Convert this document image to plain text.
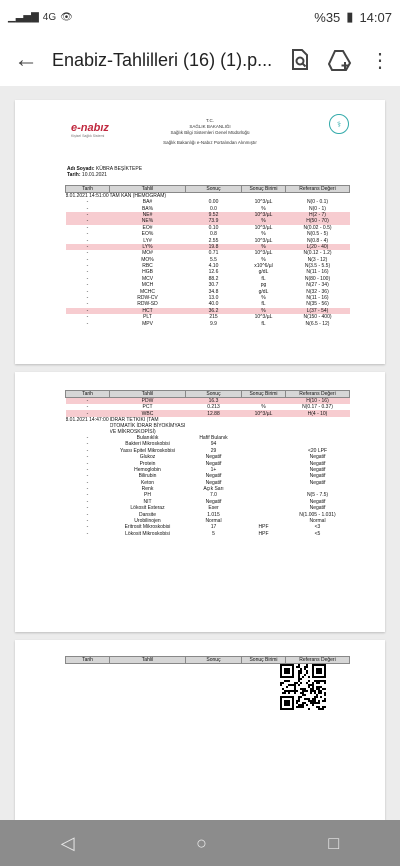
▁▃▅▇ 4G 👁	%35 ▮ 14:07
← Enabiz-Tahlilleri (16) (1).p...	⋮
e-nabız
Kişisel Sağlık Sistemi
T.C.
SAĞLIK BAKANLIĞI
Sağlık Bilgi Sistemleri Genel Müdürlüğü
Sağlık Bakanlığı e-Nabız Portalından Alınmıştır
⚕
Adı Soyadı: KÜBRA BEŞİKTEPE
Tarih: 10.01.2021
Tarih	Tahlil	Sonuç	Sonuç Birimi	Referans Değeri
8.01.2021 14:51:00	TAM KAN (HEMOGRAM)			
-	BA#	0.00	10^3/µL	N(0 - 0.1)
-	BA%	0.0	%	N(0 - 1)
-	NE#	9.52	10^3/µL	H(2 - 7)
-	NE%	73.9	%	H(50 - 70)
-	EO#	0.10	10^3/µL	N(0.02 - 0.5)
-	EO%	0.8	%	N(0.5 - 5)
-	LY#	2.55	10^3/µL	N(0.8 - 4)
-	LY%	19.8	%	L(20 - 40)
-	MO#	0.71	10^3/µL	N(0.12 - 1.2)
-	MO%	5.5	%	N(3 - 12)
-	RBC	4.10	x10^6/µl	N(3.5 - 5.5)
-	HGB	12.6	g/dL	N(11 - 16)
-	MCV	88.2	fL	N(80 - 100)
-	MCH	30.7	pg	N(27 - 34)
-	MCHC	34.8	g/dL	N(32 - 36)
-	RDW-CV	13.0	%	N(11 - 16)
-	RDW-SD	40.0	fL	N(35 - 56)
-	HCT	36.2	%	L(37 - 54)
-	PLT	215	10^3/µL	N(150 - 400)
-	MPV	9.9	fL	N(6.5 - 12)
Tarih	Tahlil	Sonuç	Sonuç Birimi	Referans Değeri
-	PDW	16.3		H(10 - 16)
-	PCT	0.213	%	N(0.17 - 0.37)
-	WBC	12.88	10^3/µL	H(4 - 10)
8.01.2021 14:47:00	İDRAR TETKİKİ (TAM OTOMATİK İDRAR BİYOKİMYASI VE MİKROSKOPİSİ)			
-	Bulanıklık	Hafif Bulanık		
-	Bakteri Mikroskobisi	94		
-	Yassı Epitel Mikroskobisi	29		<20 LPF
-	Glukoz	Negatif		Negatif
-	Protein	Negatif		Negatif
-	Hemoglobin	1+		Negatif
-	Bilirubin	Negatif		Negatif
-	Keton	Negatif		Negatif
-	Renk	Açık Sarı		
-	PH	7.0		N(5 - 7.5)
-	NIT	Negatif		Negatif
-	Lökosit Esteraz	Eser		Negatif
-	Dansite	1.015		N(1.005 - 1.031)
-	Ürobilinojen	Normal		Normal
-	Eritrosit Mikroskobisi	17	HPF	<3
-	Lökosit Mikroskobisi	5	HPF	<5
Tarih	Tahlil	Sonuç	Sonuç Birimi	Referans Değeri
◁	○	□
